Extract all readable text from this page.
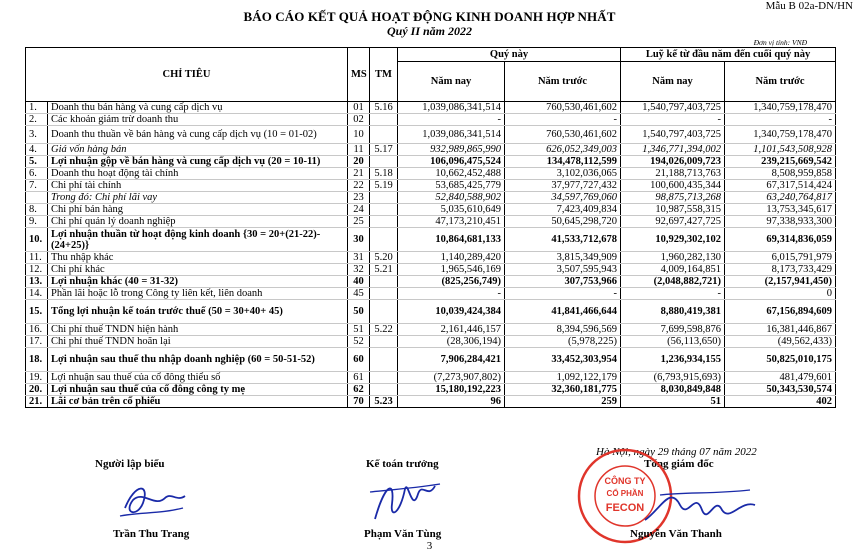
Mẫu B 02a-DN/HN
BÁO CÁO KẾT QUẢ HOẠT ĐỘNG KINH DOANH HỢP NHẤT
Quý II năm 2022
Đơn vị tính: VNĐ
CHỈ TIÊU		MS	TM	Quý này		Luỹ kế từ đầu năm đến cuối quý này	
				Năm nay	Năm trước	Năm nay	Năm trước
1.	Doanh thu bán hàng và cung cấp dịch vụ	01	5.16	1,039,086,341,514	760,530,461,602	1,540,797,403,725	1,340,759,178,470
2.	Các khoản giảm trừ doanh thu	02		-	-	-	-
3.	Doanh thu thuần về bán hàng và cung cấp dịch vụ (10 = 01-02)	10		1,039,086,341,514	760,530,461,602	1,540,797,403,725	1,340,759,178,470
4.	Giá vốn hàng bán	11	5.17	932,989,865,990	626,052,349,003	1,346,771,394,002	1,101,543,508,928
5.	Lợi nhuận gộp về bán hàng và cung cấp dịch vụ (20 = 10-11)	20		106,096,475,524	134,478,112,599	194,026,009,723	239,215,669,542
6.	Doanh thu hoạt động tài chính	21	5.18	10,662,452,488	3,102,036,065	21,188,713,763	8,508,959,858
7.	Chi phí tài chính	22	5.19	53,685,425,779	37,977,727,432	100,600,435,344	67,317,514,424
	Trong đó: Chi phí lãi vay	23		52,840,588,902	34,597,769,060	98,875,713,268	63,240,764,817
8.	Chi phí bán hàng	24		5,035,610,649	7,423,409,834	10,987,558,315	13,753,345,617
9.	Chi phí quản lý doanh nghiệp	25		47,173,210,451	50,645,298,720	92,697,427,725	97,338,933,300
10.	Lợi nhuận thuần từ hoạt động kinh doanh {30 = 20+(21-22)-(24+25)}	30		10,864,681,133	41,533,712,678	10,929,302,102	69,314,836,059
11.	Thu nhập khác	31	5.20	1,140,289,420	3,815,349,909	1,960,282,130	6,015,791,979
12.	Chi phí khác	32	5.21	1,965,546,169	3,507,595,943	4,009,164,851	8,173,733,429
13.	Lợi nhuận khác (40 = 31-32)	40		(825,256,749)	307,753,966	(2,048,882,721)	(2,157,941,450)
14.	Phần lãi hoặc lỗ trong Công ty liên kết, liên doanh	45		-	-	-	0
15.	Tổng lợi nhuận kế toán trước thuế (50 = 30+40+ 45)	50		10,039,424,384	41,841,466,644	8,880,419,381	67,156,894,609
16.	Chi phí thuế TNDN hiện hành	51	5.22	2,161,446,157	8,394,596,569	7,699,598,876	16,381,446,867
17.	Chi phí thuế TNDN hoãn lại	52		(28,306,194)	(5,978,225)	(56,113,650)	(49,562,433)
18.	Lợi nhuận sau thuế thu nhập doanh nghiệp (60 = 50-51-52)	60		7,906,284,421	33,452,303,954	1,236,934,155	50,825,010,175
19.	Lợi nhuận sau thuế của cổ đông thiểu số	61		(7,273,907,802)	1,092,122,179	(6,793,915,693)	481,479,601
20.	Lợi nhuận sau thuế của cổ đông công ty mẹ	62		15,180,192,223	32,360,181,775	8,030,849,848	50,343,530,574
21.	Lãi cơ bản trên cổ phiếu	70	5.23	96	259	51	402
Người lập biểu
Trần Thu Trang
Kế toán trưởng
Phạm Văn Tùng
Hà Nội, ngày 29 tháng 07 năm 2022
Tổng giám đốc
CÔNG TY
CỔ PHẦN
FECON
Nguyễn Văn Thanh
3
